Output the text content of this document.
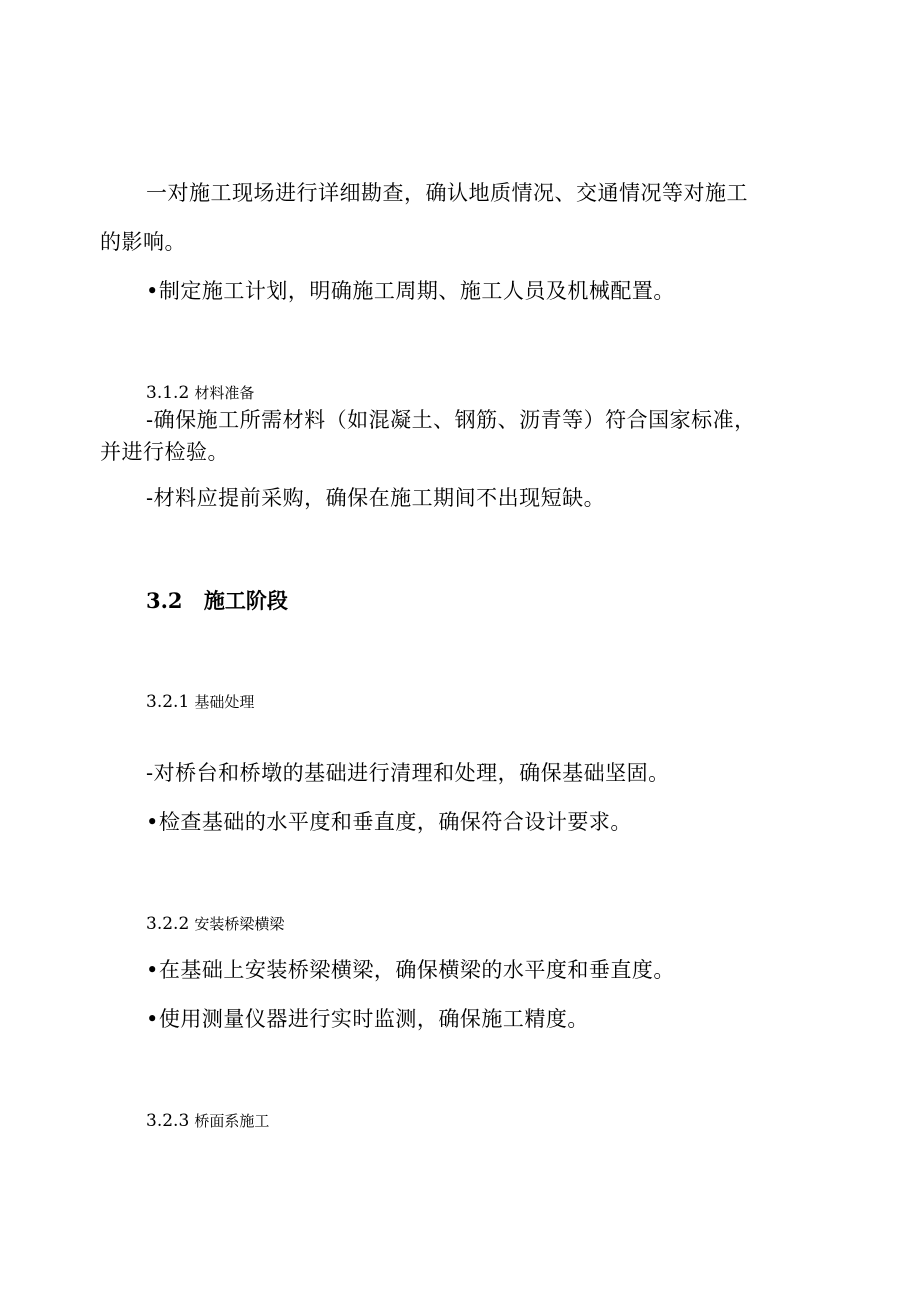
一对施工现场进行详细勘查，确认地质情况、交通情况等对施工

的影响。

•制定施工计划，明确施工周期、施工人员及机械配置。

3.1.2 材料准备

-确保施工所需材料（如混凝土、钢筋、沥青等）符合国家标准，

并进行检验。

-材料应提前采购，确保在施工期间不出现短缺。

3.2 施工阶段
3.2.1 基础处理

-对桥台和桥墩的基础进行清理和处理，确保基础坚固。

•检查基础的水平度和垂直度，确保符合设计要求。

3.2.2 安装桥梁横梁

•在基础上安装桥梁横梁，确保横梁的水平度和垂直度。

•使用测量仪器进行实时监测，确保施工精度。

3.2.3 桥面系施工
